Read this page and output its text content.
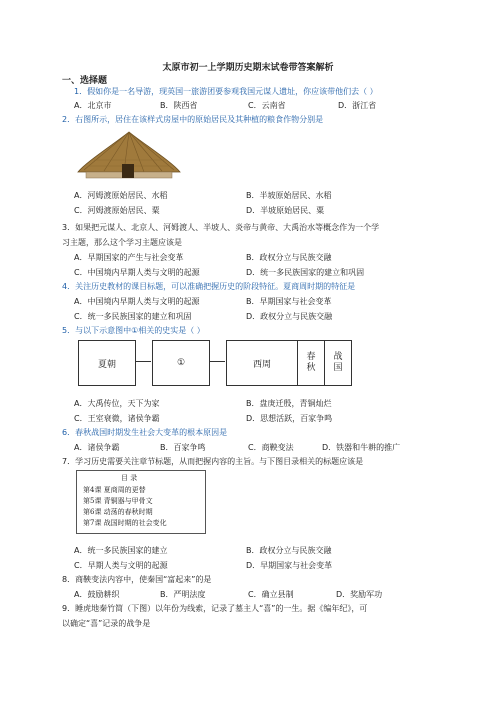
太原市初一上学期历史期末试卷带答案解析
一、选择题
1．假如你是一名导游，现英国一旅游团要参观我国元谋人遗址，你应该带他们去（ ）
A．北京市	B．陕西省	C．云南省	D．浙江省
2．右图所示，居住在该样式房屋中的原始居民及其种植的粮食作物分别是
A．河姆渡原始居民、水稻	B．半坡原始居民、水稻
C．河姆渡原始居民、粟	D．半坡原始居民、粟
3．如果把元谋人、北京人、河姆渡人、半坡人、炎帝与黄帝、大禹治水等概念作为一个学
习主题，那么这个学习主题应该是
A．早期国家的产生与社会变革	B．政权分立与民族交融
C．中国境内早期人类与文明的起源	D．统一多民族国家的建立和巩固
4．关注历史教材的课目标题，可以准确把握历史的阶段特征。夏商周时期的特征是
A．中国境内早期人类与文明的起源	B．早期国家与社会变革
C．统一多民族国家的建立和巩固	D．政权分立与民族交融
5．与以下示意图中①相关的史实是（ ）
夏朝	①	西周
春
秋
战
国
A．大禹传位，天下为家	B．盘庚迁殷，青铜灿烂
C．王室衰微，诸侯争霸	D．思想活跃，百家争鸣
6．春秋战国时期发生社会大变革的根本原因是
A．诸侯争霸	B．百家争鸣	C．商鞅变法	D．铁器和牛耕的推广
7．学习历史需要关注章节标题，从而把握内容的主旨。与下图目录相关的标题应该是
目 录
第4课 夏商周的更替
第5课 青铜器与甲骨文
第6课 动荡的春秋时期
第7课 战国时期的社会变化
A．统一多民族国家的建立	B．政权分立与民族交融
C．早期人类与文明的起源	D．早期国家与社会变革
8．商鞅变法内容中，使秦国“富起来”的是
A．鼓励耕织	B．严明法度	C．确立县制	D．奖励军功
9．睡虎地秦竹简（下图）以年份为线索，记录了墓主人“喜”的一生。据《编年纪》，可
以确定“喜”记录的战争是
